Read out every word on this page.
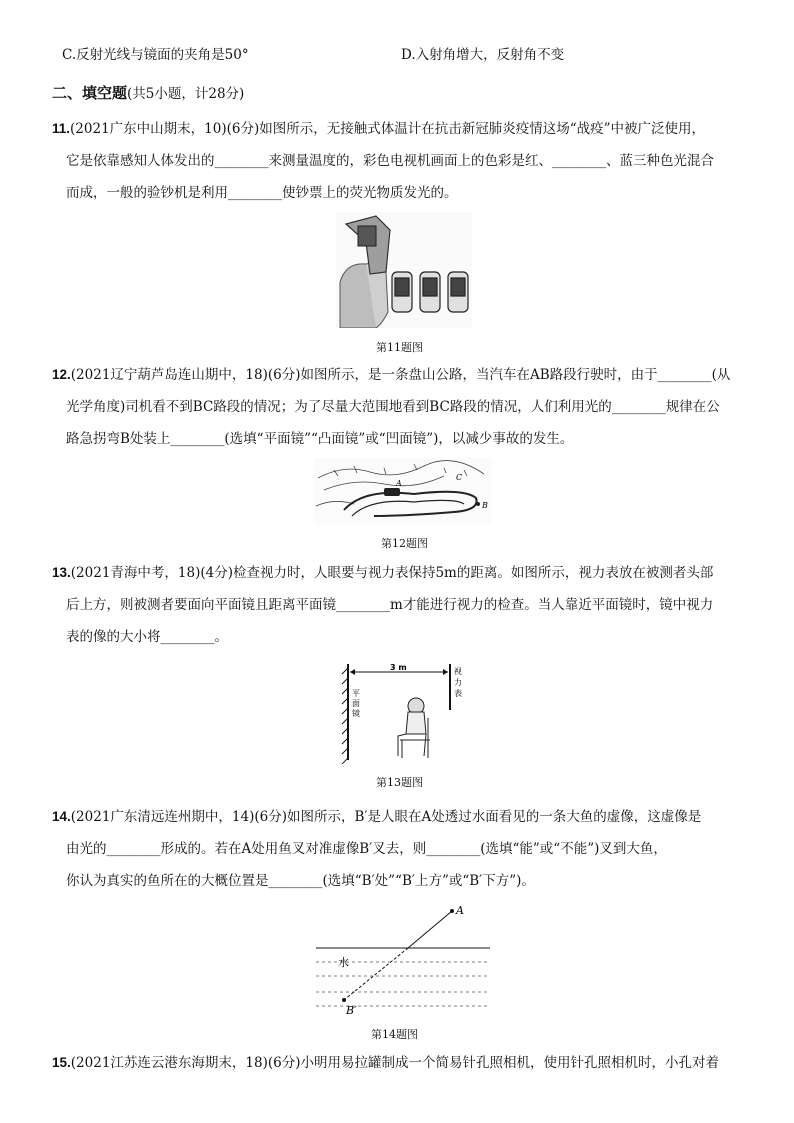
C.反射光线与镜面的夹角是50°	D.入射角增大，反射角不变
二、填空题(共5小题，计28分)
11.(2021广东中山期末，10)(6分)如图所示，无接触式体温计在抗击新冠肺炎疫情这场“战疫”中被广泛使用，
它是依靠感知人体发出的________来测量温度的，彩色电视机画面上的色彩是红、________、蓝三种色光混合
而成，一般的验钞机是利用________使钞票上的荧光物质发光的。
第11题图
12.(2021辽宁葫芦岛连山期中，18)(6分)如图所示，是一条盘山公路，当汽车在AB路段行驶时，由于________(从
光学角度)司机看不到BC路段的情况；为了尽量大范围地看到BC路段的情况，人们利用光的________规律在公
路急拐弯B处装上________(选填“平面镜”“凸面镜”或“凹面镜”)，以减少事故的发生。
A
C
B
第12题图
13.(2021青海中考，18)(4分)检查视力时，人眼要与视力表保持5m的距离。如图所示，视力表放在被测者头部
后上方，则被测者要面向平面镜且距离平面镜________m才能进行视力的检查。当人靠近平面镜时，镜中视力
表的像的大小将________。
平
面
镜
3 m	视
力
表
第13题图
14.(2021广东清远连州期中，14)(6分)如图所示，B′是人眼在A处透过水面看见的一条大鱼的虚像，这虚像是
由光的________形成的。若在A处用鱼叉对准虚像B′叉去，则________(选填“能”或“不能”)叉到大鱼，
你认为真实的鱼所在的大概位置是________(选填“B′处”“B′上方”或“B′下方”)。
水
A
B′
第14题图
15.(2021江苏连云港东海期末，18)(6分)小明用易拉罐制成一个简易针孔照相机，使用针孔照相机时，小孔对着
